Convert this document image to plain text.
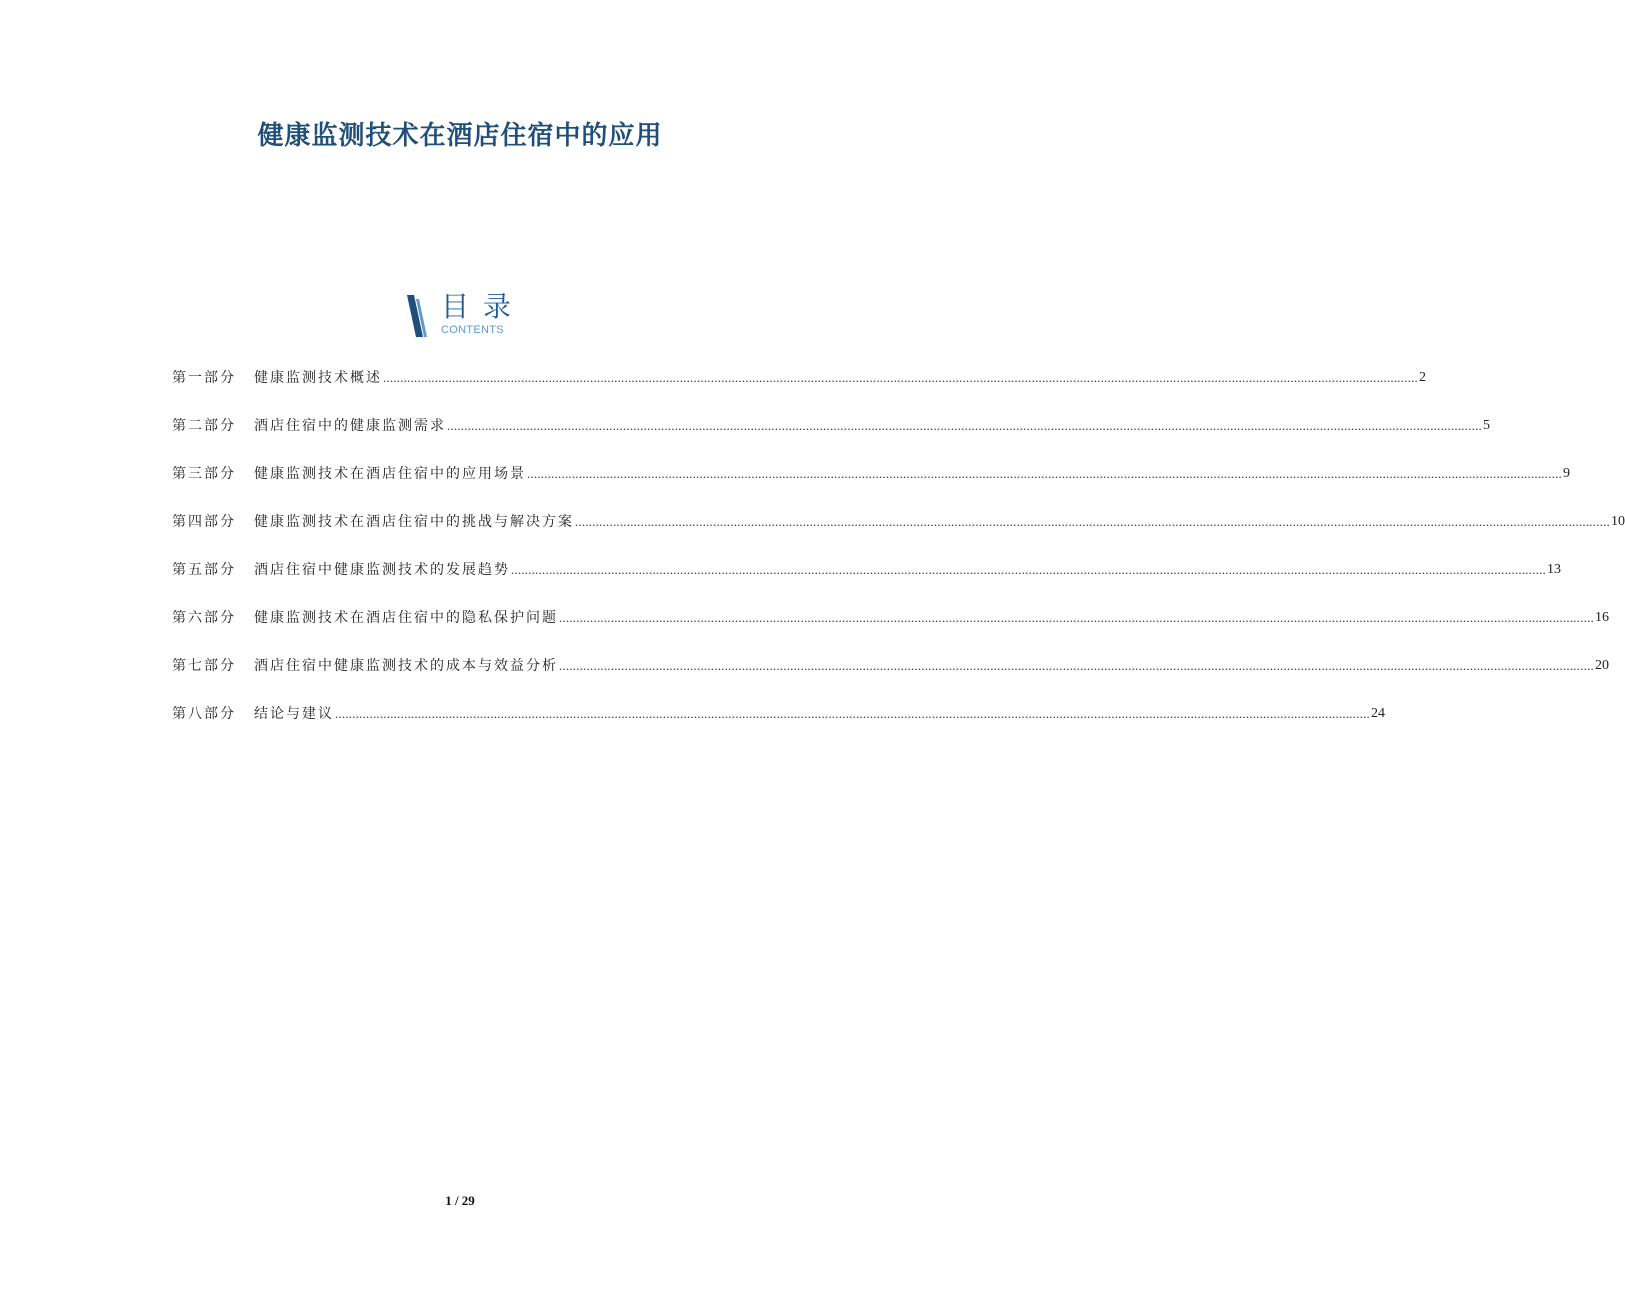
健康监测技术在酒店住宿中的应用
目录
CONTENTS
第一部分	健康监测技术概述 ............................................................................................................................................................................................................................................................................................................ 2
第二部分	酒店住宿中的健康监测需求 ............................................................................................................................................................................................................................................................................................................ 5
第三部分	健康监测技术在酒店住宿中的应用场景 ............................................................................................................................................................................................................................................................................................................ 9
第四部分	健康监测技术在酒店住宿中的挑战与解决方案 ............................................................................................................................................................................................................................................................................................................ 10
第五部分	酒店住宿中健康监测技术的发展趋势 ............................................................................................................................................................................................................................................................................................................ 13
第六部分	健康监测技术在酒店住宿中的隐私保护问题 ............................................................................................................................................................................................................................................................................................................ 16
第七部分	酒店住宿中健康监测技术的成本与效益分析 ............................................................................................................................................................................................................................................................................................................ 20
第八部分	结论与建议 ............................................................................................................................................................................................................................................................................................................ 24
1 / 29
